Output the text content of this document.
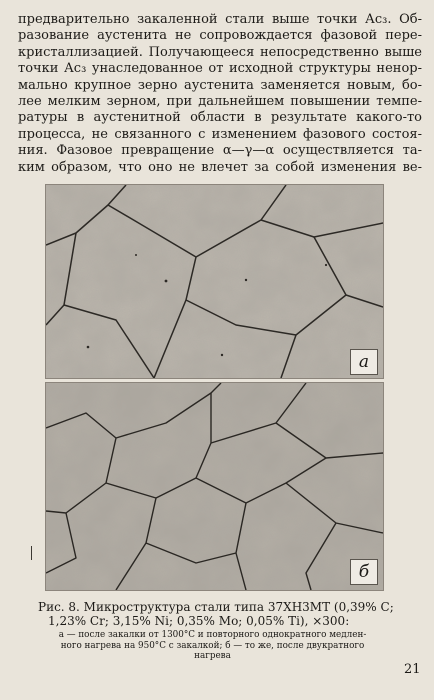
предварительно закаленной стали выше точки Ас₃. Об-
разование аустенита не сопровождается фазовой пере-
кристаллизацией. Получающееся непосредственно выше
точки Ас₃ унаследованное от исходной структуры ненор-
мально крупное зерно аустенита заменяется новым, бо-
лее мелким зерном, при дальнейшем повышении темпе-
ратуры в аустенитной области в результате какого-то
процесса, не связанного с изменением фазового состоя-
ния. Фазовое превращение α—γ—α осуществляется та-
ким образом, что оно не влечет за собой изменения ве-
а
б
Рис. 8. Микроструктура стали типа 37ХН3МТ (0,39% С;
1,23% Cr; 3,15% Ni; 0,35% Mo; 0,05% Ti), ×300:
а — после закалки от 1300°С и повторного однократного медлен-
ного нагрева на 950°С с закалкой; б — то же, после двукратного
нагрева
21
